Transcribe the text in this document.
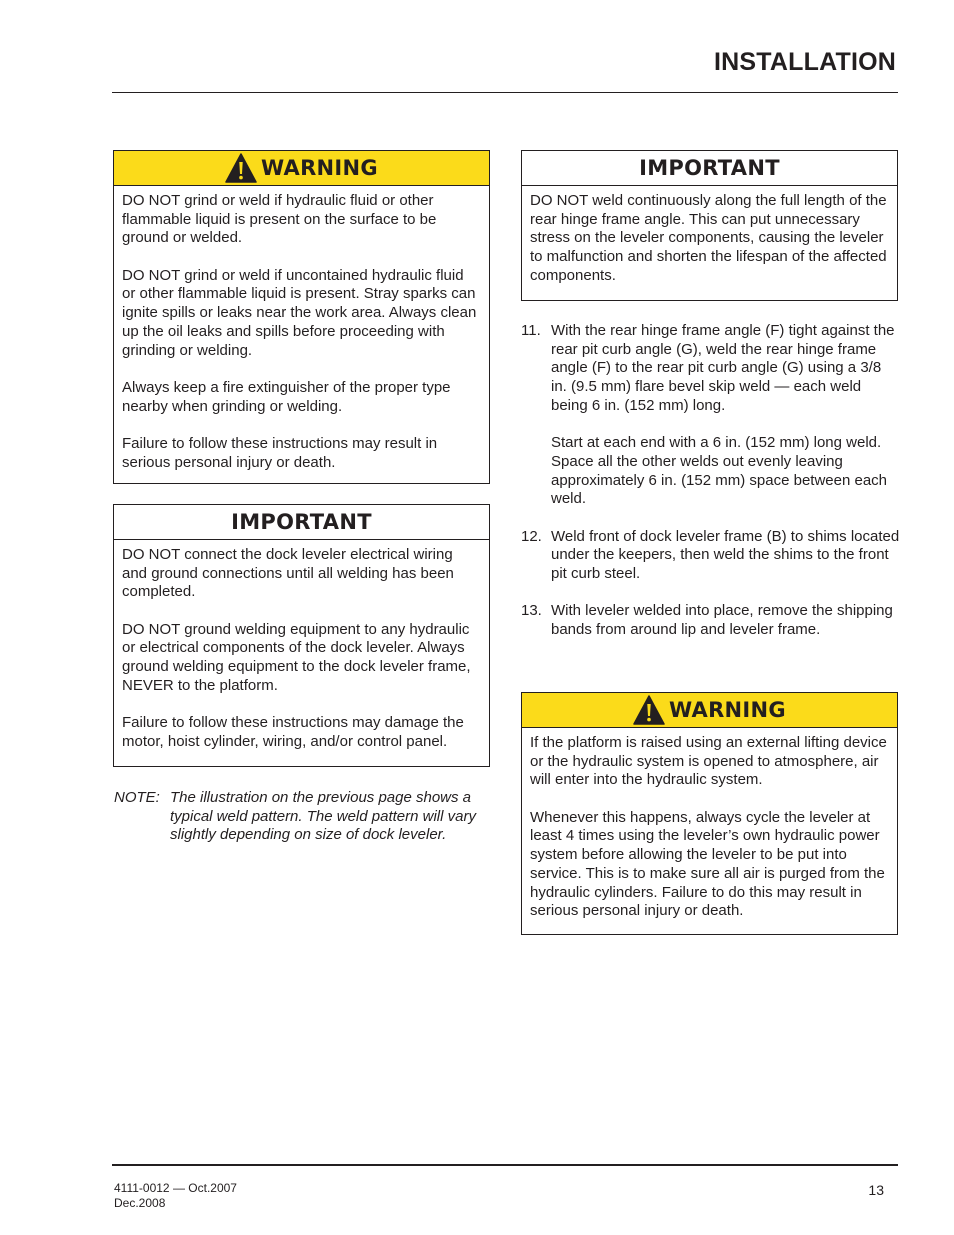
INSTALLATION
WARNING

DO NOT grind or weld if hydraulic fluid or other flammable liquid is present on the surface to be ground or welded.

DO NOT grind or weld if uncontained hydraulic fluid or other flammable liquid is present. Stray sparks can ignite spills or leaks near the work area. Always clean up the oil leaks and spills before proceeding with grinding or welding.

Always keep a fire extinguisher of the proper type nearby when grinding or welding.

Failure to follow these instructions may result in serious personal injury or death.

IMPORTANT

DO NOT connect the dock leveler electrical wiring and ground connections until all welding has been completed.

DO NOT ground welding equipment to any hydraulic or electrical components of the dock leveler. Always ground welding equipment to the dock leveler frame, NEVER to the platform.

Failure to follow these instructions may damage the motor, hoist cylinder, wiring, and/or control panel.

NOTE: The illustration on the previous page shows a typical weld pattern. The weld pattern will vary slightly depending on size of dock leveler.
IMPORTANT

DO NOT weld continuously along the full length of the rear hinge frame angle. This can put unnecessary stress on the leveler components, causing the leveler to malfunction and shorten the lifespan of the affected components.

11. With the rear hinge frame angle (F) tight against the rear pit curb angle (G), weld the rear hinge frame angle (F) to the rear pit curb angle (G) using a 3/8 in. (9.5 mm) flare bevel skip weld — each weld being 6 in. (152 mm) long.

Start at each end with a 6 in. (152 mm) long weld. Space all the other welds out evenly leaving approximately 6 in. (152 mm) space between each weld.

12. Weld front of dock leveler frame (B) to shims located under the keepers, then weld the shims to the front pit curb steel.

13. With leveler welded into place, remove the shipping bands from around lip and leveler frame.

WARNING

If the platform is raised using an external lifting device or the hydraulic system is opened to atmosphere, air will enter into the hydraulic system.

Whenever this happens, always cycle the leveler at least 4 times using the leveler’s own hydraulic power system before allowing the leveler to be put into service. This is to make sure all air is purged from the hydraulic cylinders. Failure to do this may result in serious personal injury or death.

4111-0012 — Oct.2007
Dec.2008
13
